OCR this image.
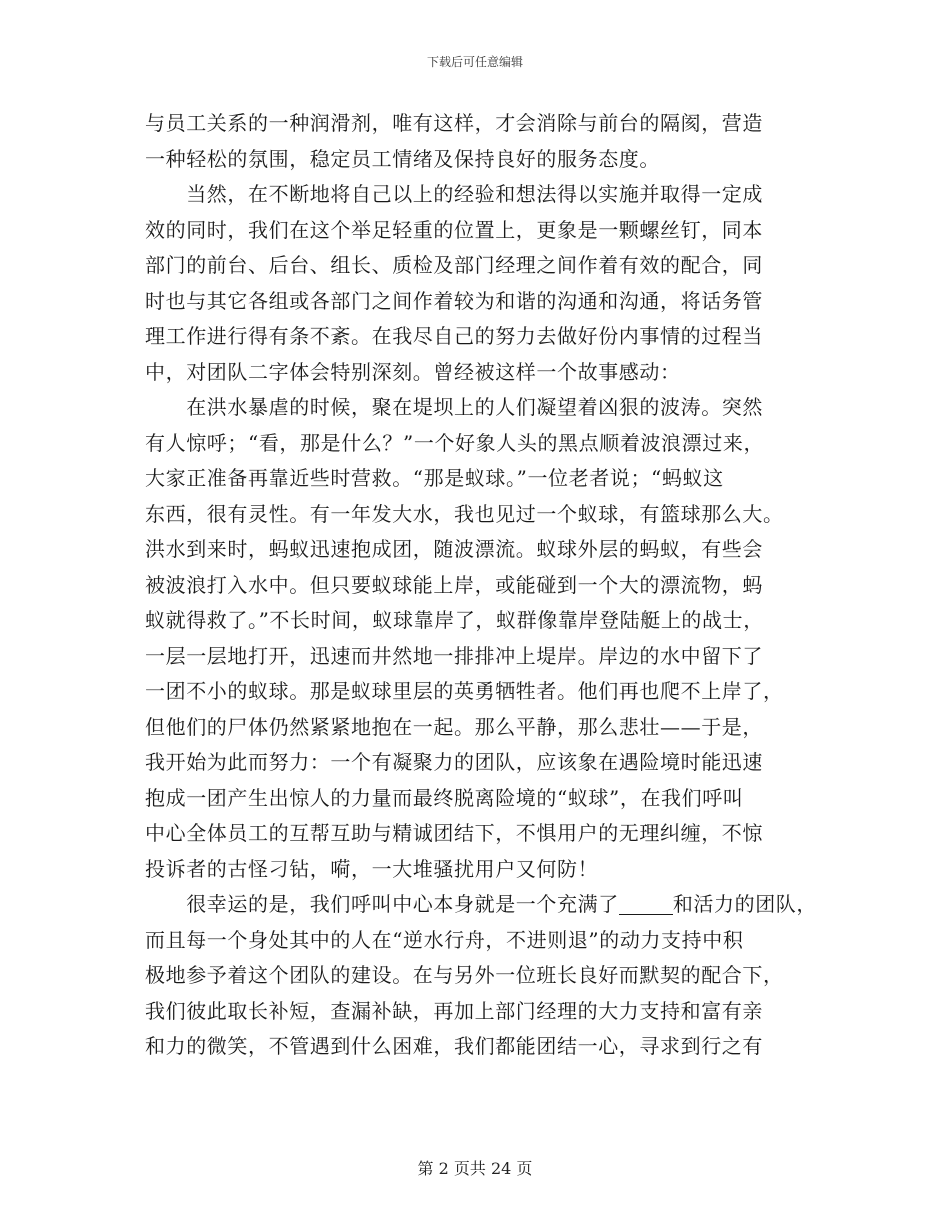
下载后可任意编辑
与员工关系的一种润滑剂，唯有这样，才会消除与前台的隔阂，营造
一种轻松的氛围，稳定员工情绪及保持良好的服务态度。
　　当然，在不断地将自己以上的经验和想法得以实施并取得一定成
效的同时，我们在这个举足轻重的位置上，更象是一颗螺丝钉，同本
部门的前台、后台、组长、质检及部门经理之间作着有效的配合，同
时也与其它各组或各部门之间作着较为和谐的沟通和沟通，将话务管
理工作进行得有条不紊。在我尽自己的努力去做好份内事情的过程当
中，对团队二字体会特别深刻。曾经被这样一个故事感动：
　　在洪水暴虐的时候，聚在堤坝上的人们凝望着凶狠的波涛。突然
有人惊呼；“看，那是什么？”一个好象人头的黑点顺着波浪漂过来，
大家正准备再靠近些时营救。“那是蚁球。”一位老者说；“蚂蚁这
东西，很有灵性。有一年发大水，我也见过一个蚁球，有篮球那么大。
洪水到来时，蚂蚁迅速抱成团，随波漂流。蚁球外层的蚂蚁，有些会
被波浪打入水中。但只要蚁球能上岸，或能碰到一个大的漂流物，蚂
蚁就得救了。”不长时间，蚁球靠岸了，蚁群像靠岸登陆艇上的战士，
一层一层地打开，迅速而井然地一排排冲上堤岸。岸边的水中留下了
一团不小的蚁球。那是蚁球里层的英勇牺牲者。他们再也爬不上岸了，
但他们的尸体仍然紧紧地抱在一起。那么平静，那么悲壮——于是，
我开始为此而努力：一个有凝聚力的团队，应该象在遇险境时能迅速
抱成一团产生出惊人的力量而最终脱离险境的“蚁球”，在我们呼叫
中心全体员工的互帮互助与精诚团结下，不惧用户的无理纠缠，不惊
投诉者的古怪刁钻，嗬，一大堆骚扰用户又何防！
　　很幸运的是，我们呼叫中心本身就是一个充满了	和活力的团队，
而且每一个身处其中的人在“逆水行舟，不进则退”的动力支持中积
极地参予着这个团队的建设。在与另外一位班长良好而默契的配合下，
我们彼此取长补短，查漏补缺，再加上部门经理的大力支持和富有亲
和力的微笑，不管遇到什么困难，我们都能团结一心，寻求到行之有
第 2 页共 24 页
